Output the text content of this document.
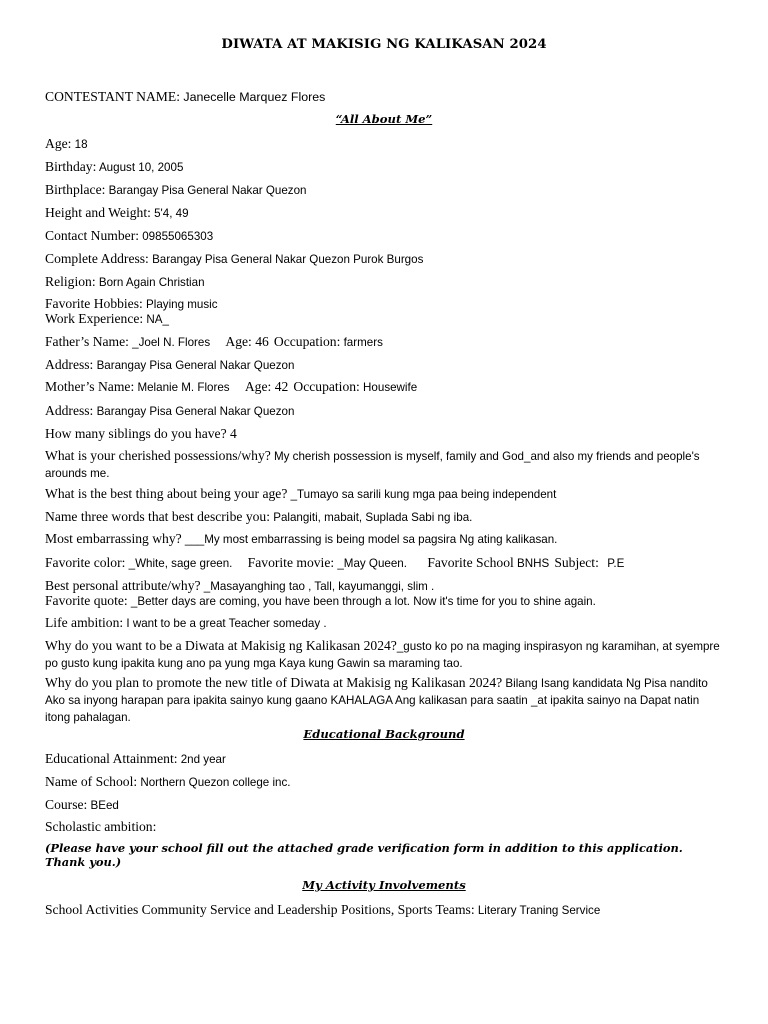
DIWATA AT MAKISIG NG KALIKASAN 2024
CONTESTANT NAME: Janecelle Marquez Flores
“All About Me”
Age: 18
Birthday: August 10, 2005
Birthplace: Barangay Pisa General Nakar Quezon
Height and Weight: 5'4, 49
Contact Number: 09855065303
Complete Address: Barangay Pisa General Nakar Quezon Purok Burgos
Religion: Born Again Christian
Favorite Hobbies: Playing music
Work Experience: NA_
Father’s Name: _Joel N. Flores Age: 46 Occupation: farmers
Address: Barangay Pisa General Nakar Quezon
Mother’s Name: Melanie M. Flores Age: 42 Occupation: Housewife
Address: Barangay Pisa General Nakar Quezon
How many siblings do you have? 4
What is your cherished possessions/why? My cherish possession is myself, family and God_and also my friends and people's arounds me.
What is the best thing about being your age? _Tumayo sa sarili kung mga paa being independent
Name three words that best describe you: Palangiti, mabait, Suplada Sabi ng iba.
Most embarrassing why? ___My most embarrassing is being model sa pagsira Ng ating kalikasan.
Favorite color: _White, sage green. Favorite movie: _May Queen. Favorite School BNHS Subject:  P.E
Best personal attribute/why? _Masayanghing tao , Tall, kayumanggi, slim .
Favorite quote: _Better days are coming, you have been through a lot. Now it's time for you to shine again.
Life ambition: I want to be a great Teacher someday .
Why do you want to be a Diwata at Makisig ng Kalikasan 2024?_gusto ko po na maging inspirasyon ng karamihan, at syempre po gusto kung ipakita kung ano pa yung mga Kaya kung Gawin sa maraming tao.
Why do you plan to promote the new title of Diwata at Makisig ng Kalikasan 2024? Bilang Isang kandidata Ng Pisa nandito Ako sa inyong harapan para ipakita sainyo kung gaano KAHALAGA Ang kalikasan para saatin _at ipakita sainyo na Dapat natin itong pahalagan.
Educational Background
Educational Attainment: 2nd year
Name of School: Northern Quezon college inc.
Course: BEed
Scholastic ambition:
(Please have your school fill out the attached grade verification form in addition to this application. Thank you.)
My Activity Involvements
School Activities Community Service and Leadership Positions, Sports Teams: Literary Traning Service
